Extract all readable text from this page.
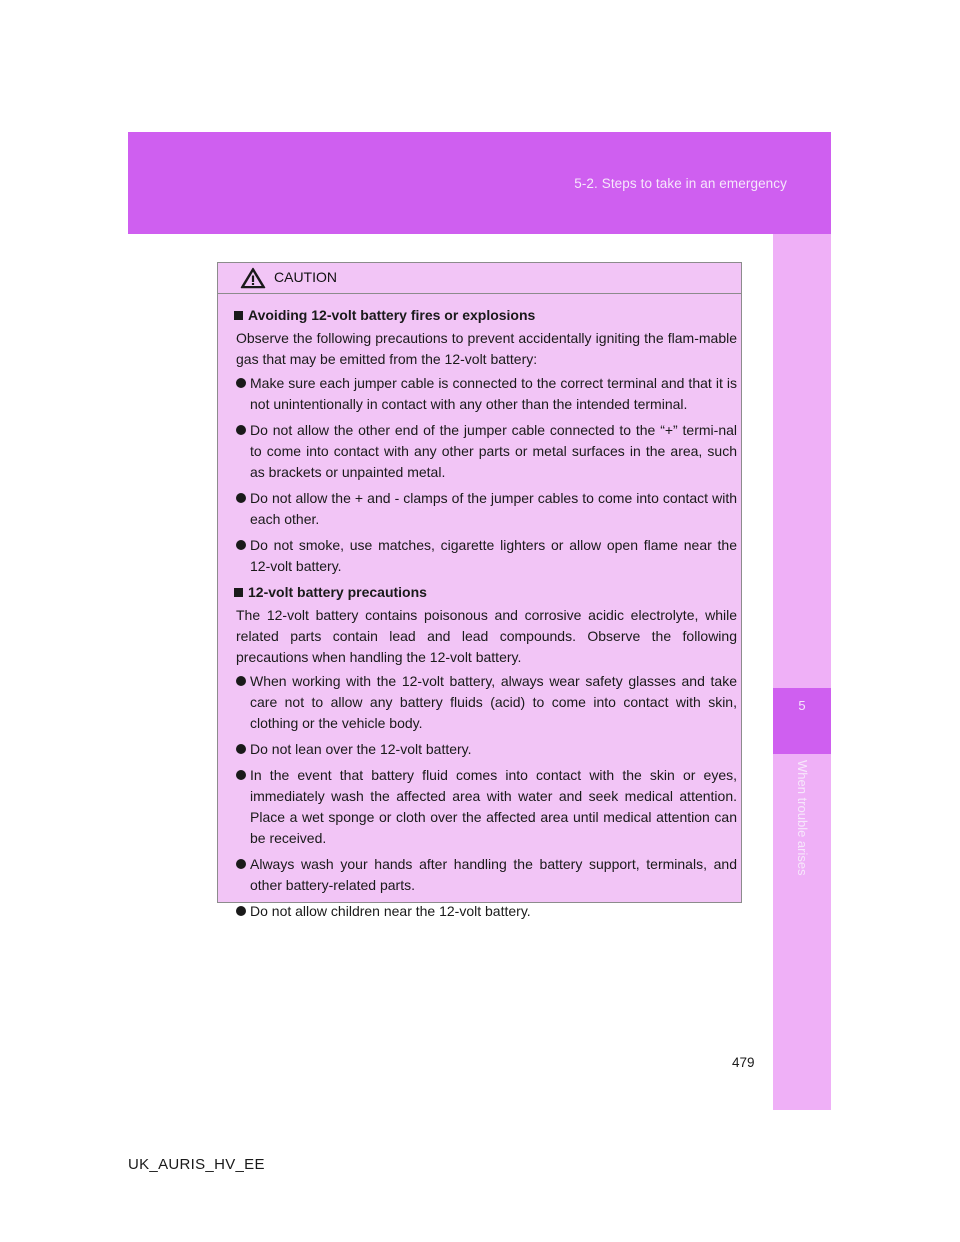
5-2. Steps to take in an emergency
5
When trouble arises
CAUTION
Avoiding 12-volt battery fires or explosions
Observe the following precautions to prevent accidentally igniting the flam-mable gas that may be emitted from the 12-volt battery:
Make sure each jumper cable is connected to the correct terminal and that it is not unintentionally in contact with any other than the intended terminal.
Do not allow the other end of the jumper cable connected to the “+” termi-nal to come into contact with any other parts or metal surfaces in the area, such as brackets or unpainted metal.
Do not allow the + and - clamps of the jumper cables to come into contact with each other.
Do not smoke, use matches, cigarette lighters or allow open flame near the 12-volt battery.
12-volt battery precautions
The 12-volt battery contains poisonous and corrosive acidic electrolyte, while related parts contain lead and lead compounds. Observe the following precautions when handling the 12-volt battery.
When working with the 12-volt battery, always wear safety glasses and take care not to allow any battery fluids (acid) to come into contact with skin, clothing or the vehicle body.
Do not lean over the 12-volt battery.
In the event that battery fluid comes into contact with the skin or eyes, immediately wash the affected area with water and seek medical attention. Place a wet sponge or cloth over the affected area until medical attention can be received.
Always wash your hands after handling the battery support, terminals, and other battery-related parts.
Do not allow children near the 12-volt battery.
479
UK_AURIS_HV_EE
